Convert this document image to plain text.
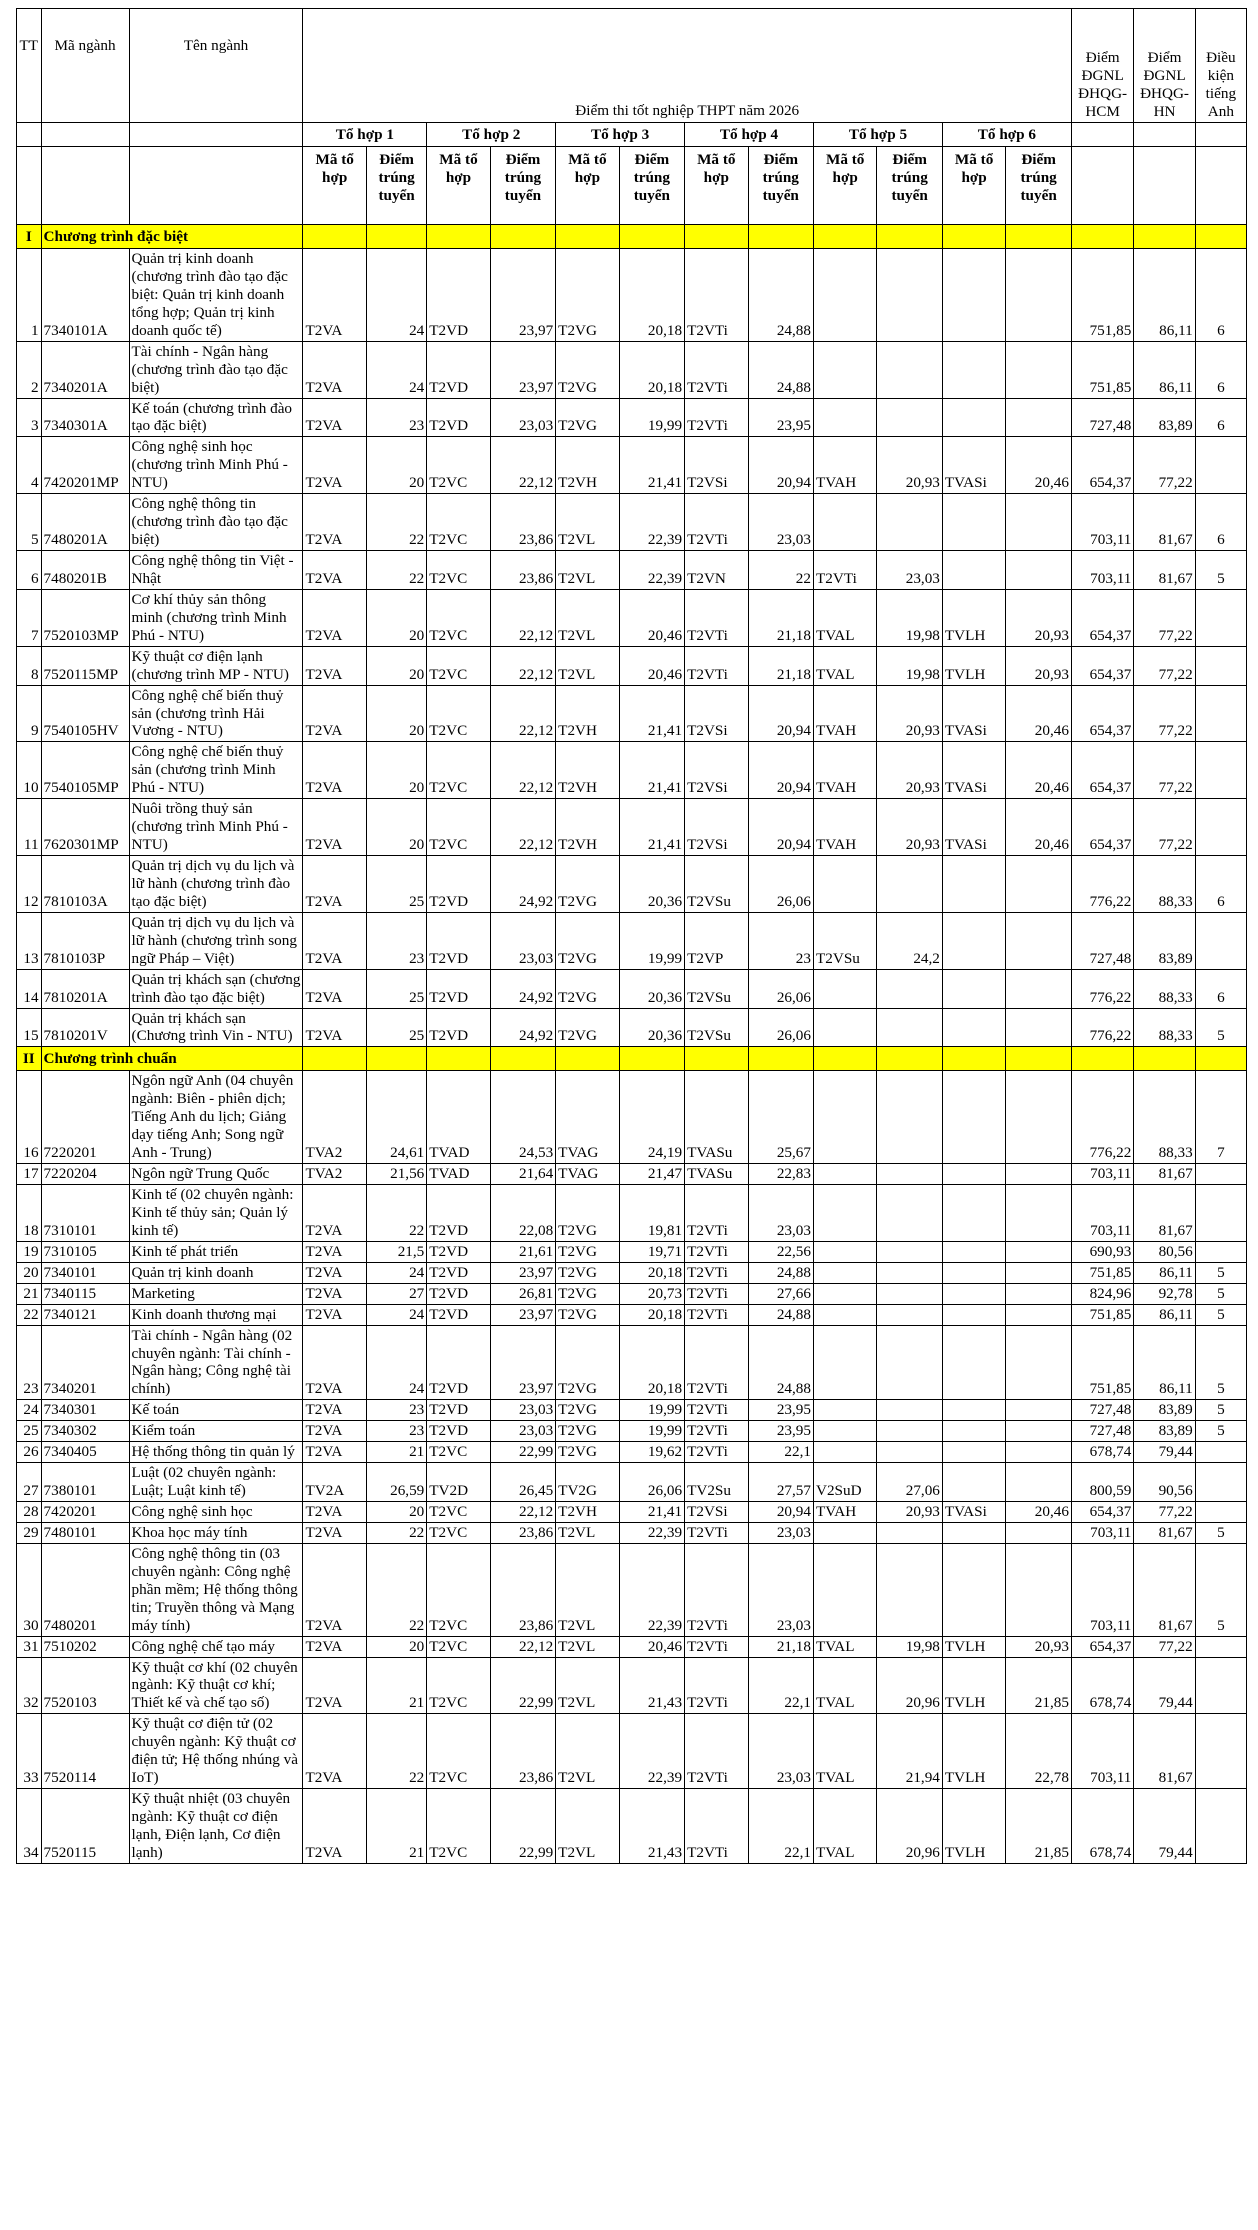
TT	Mã ngành	Tên ngành	Điểm thi tốt nghiệp THPT năm 2026												Điểm ĐGNL ĐHQG-HCM	Điểm ĐGNL ĐHQG-HN	Điều kiện tiếng Anh
			Tổ hợp 1		Tổ hợp 2		Tổ hợp 3		Tổ hợp 4		Tổ hợp 5		Tổ hợp 6				
			Mã tổ hợp	Điểm trúng tuyển	Mã tổ hợp	Điểm trúng tuyển	Mã tổ hợp	Điểm trúng tuyển	Mã tổ hợp	Điểm trúng tuyển	Mã tổ hợp	Điểm trúng tuyển	Mã tổ hợp	Điểm trúng tuyển			
I	Chương trình đặc biệt																
1	7340101A	Quản trị kinh doanh (chương trình đào tạo đặc biệt: Quản trị kinh doanh tổng hợp; Quản trị kinh doanh quốc tế)	T2VA	24	T2VD	23,97	T2VG	20,18	T2VTi	24,88					751,85	86,11	6
2	7340201A	Tài chính - Ngân hàng (chương trình đào tạo đặc biệt)	T2VA	24	T2VD	23,97	T2VG	20,18	T2VTi	24,88					751,85	86,11	6
3	7340301A	Kế toán (chương trình đào tạo đặc biệt)	T2VA	23	T2VD	23,03	T2VG	19,99	T2VTi	23,95					727,48	83,89	6
4	7420201MP	Công nghệ sinh học (chương trình Minh Phú - NTU)	T2VA	20	T2VC	22,12	T2VH	21,41	T2VSi	20,94	TVAH	20,93	TVASi	20,46	654,37	77,22	
5	7480201A	Công nghệ thông tin (chương trình đào tạo đặc biệt)	T2VA	22	T2VC	23,86	T2VL	22,39	T2VTi	23,03					703,11	81,67	6
6	7480201B	Công nghệ thông tin Việt - Nhật	T2VA	22	T2VC	23,86	T2VL	22,39	T2VN	22	T2VTi	23,03			703,11	81,67	5
7	7520103MP	Cơ khí thủy sản thông minh (chương trình Minh Phú - NTU)	T2VA	20	T2VC	22,12	T2VL	20,46	T2VTi	21,18	TVAL	19,98	TVLH	20,93	654,37	77,22	
8	7520115MP	Kỹ thuật cơ điện lạnh (chương trình MP - NTU)	T2VA	20	T2VC	22,12	T2VL	20,46	T2VTi	21,18	TVAL	19,98	TVLH	20,93	654,37	77,22	
9	7540105HV	Công nghệ chế biến thuỷ sản (chương trình Hải Vương - NTU)	T2VA	20	T2VC	22,12	T2VH	21,41	T2VSi	20,94	TVAH	20,93	TVASi	20,46	654,37	77,22	
10	7540105MP	Công nghệ chế biến thuỷ sản (chương trình Minh Phú - NTU)	T2VA	20	T2VC	22,12	T2VH	21,41	T2VSi	20,94	TVAH	20,93	TVASi	20,46	654,37	77,22	
11	7620301MP	Nuôi trồng thuỷ sản (chương trình Minh Phú - NTU)	T2VA	20	T2VC	22,12	T2VH	21,41	T2VSi	20,94	TVAH	20,93	TVASi	20,46	654,37	77,22	
12	7810103A	Quản trị dịch vụ du lịch và lữ hành (chương trình đào tạo đặc biệt)	T2VA	25	T2VD	24,92	T2VG	20,36	T2VSu	26,06					776,22	88,33	6
13	7810103P	Quản trị dịch vụ du lịch và lữ hành (chương trình song ngữ Pháp – Việt)	T2VA	23	T2VD	23,03	T2VG	19,99	T2VP	23	T2VSu	24,2			727,48	83,89	
14	7810201A	Quản trị khách sạn (chương trình đào tạo đặc biệt)	T2VA	25	T2VD	24,92	T2VG	20,36	T2VSu	26,06					776,22	88,33	6
15	7810201V	Quản trị khách sạn (Chương trình Vin - NTU)	T2VA	25	T2VD	24,92	T2VG	20,36	T2VSu	26,06					776,22	88,33	5
II	Chương trình chuẩn																
16	7220201	Ngôn ngữ Anh (04 chuyên ngành: Biên - phiên dịch; Tiếng Anh du lịch; Giảng dạy tiếng Anh; Song ngữ Anh - Trung)	TVA2	24,61	TVAD	24,53	TVAG	24,19	TVASu	25,67					776,22	88,33	7
17	7220204	Ngôn ngữ Trung Quốc	TVA2	21,56	TVAD	21,64	TVAG	21,47	TVASu	22,83					703,11	81,67	
18	7310101	Kinh tế (02 chuyên ngành: Kinh tế thủy sản; Quản lý kinh tế)	T2VA	22	T2VD	22,08	T2VG	19,81	T2VTi	23,03					703,11	81,67	
19	7310105	Kinh tế phát triển	T2VA	21,5	T2VD	21,61	T2VG	19,71	T2VTi	22,56					690,93	80,56	
20	7340101	Quản trị kinh doanh	T2VA	24	T2VD	23,97	T2VG	20,18	T2VTi	24,88					751,85	86,11	5
21	7340115	Marketing	T2VA	27	T2VD	26,81	T2VG	20,73	T2VTi	27,66					824,96	92,78	5
22	7340121	Kinh doanh thương mại	T2VA	24	T2VD	23,97	T2VG	20,18	T2VTi	24,88					751,85	86,11	5
23	7340201	Tài chính - Ngân hàng (02 chuyên ngành: Tài chính - Ngân hàng; Công nghệ tài chính)	T2VA	24	T2VD	23,97	T2VG	20,18	T2VTi	24,88					751,85	86,11	5
24	7340301	Kế toán	T2VA	23	T2VD	23,03	T2VG	19,99	T2VTi	23,95					727,48	83,89	5
25	7340302	Kiểm toán	T2VA	23	T2VD	23,03	T2VG	19,99	T2VTi	23,95					727,48	83,89	5
26	7340405	Hệ thống thông tin quản lý	T2VA	21	T2VC	22,99	T2VG	19,62	T2VTi	22,1					678,74	79,44	
27	7380101	Luật (02 chuyên ngành: Luật; Luật kinh tế)	TV2A	26,59	TV2D	26,45	TV2G	26,06	TV2Su	27,57	V2SuD	27,06			800,59	90,56	
28	7420201	Công nghệ sinh học	T2VA	20	T2VC	22,12	T2VH	21,41	T2VSi	20,94	TVAH	20,93	TVASi	20,46	654,37	77,22	
29	7480101	Khoa học máy tính	T2VA	22	T2VC	23,86	T2VL	22,39	T2VTi	23,03					703,11	81,67	5
30	7480201	Công nghệ thông tin (03 chuyên ngành: Công nghệ phần mềm; Hệ thống thông tin; Truyền thông và Mạng máy tính)	T2VA	22	T2VC	23,86	T2VL	22,39	T2VTi	23,03					703,11	81,67	5
31	7510202	Công nghệ chế tạo máy	T2VA	20	T2VC	22,12	T2VL	20,46	T2VTi	21,18	TVAL	19,98	TVLH	20,93	654,37	77,22	
32	7520103	Kỹ thuật cơ khí (02 chuyên ngành: Kỹ thuật cơ khí; Thiết kế và chế tạo số)	T2VA	21	T2VC	22,99	T2VL	21,43	T2VTi	22,1	TVAL	20,96	TVLH	21,85	678,74	79,44	
33	7520114	Kỹ thuật cơ điện tử (02 chuyên ngành: Kỹ thuật cơ điện tử; Hệ thống nhúng và IoT)	T2VA	22	T2VC	23,86	T2VL	22,39	T2VTi	23,03	TVAL	21,94	TVLH	22,78	703,11	81,67	
34	7520115	Kỹ thuật nhiệt (03 chuyên ngành: Kỹ thuật cơ điện lạnh, Điện lạnh, Cơ điện lạnh)	T2VA	21	T2VC	22,99	T2VL	21,43	T2VTi	22,1	TVAL	20,96	TVLH	21,85	678,74	79,44	
